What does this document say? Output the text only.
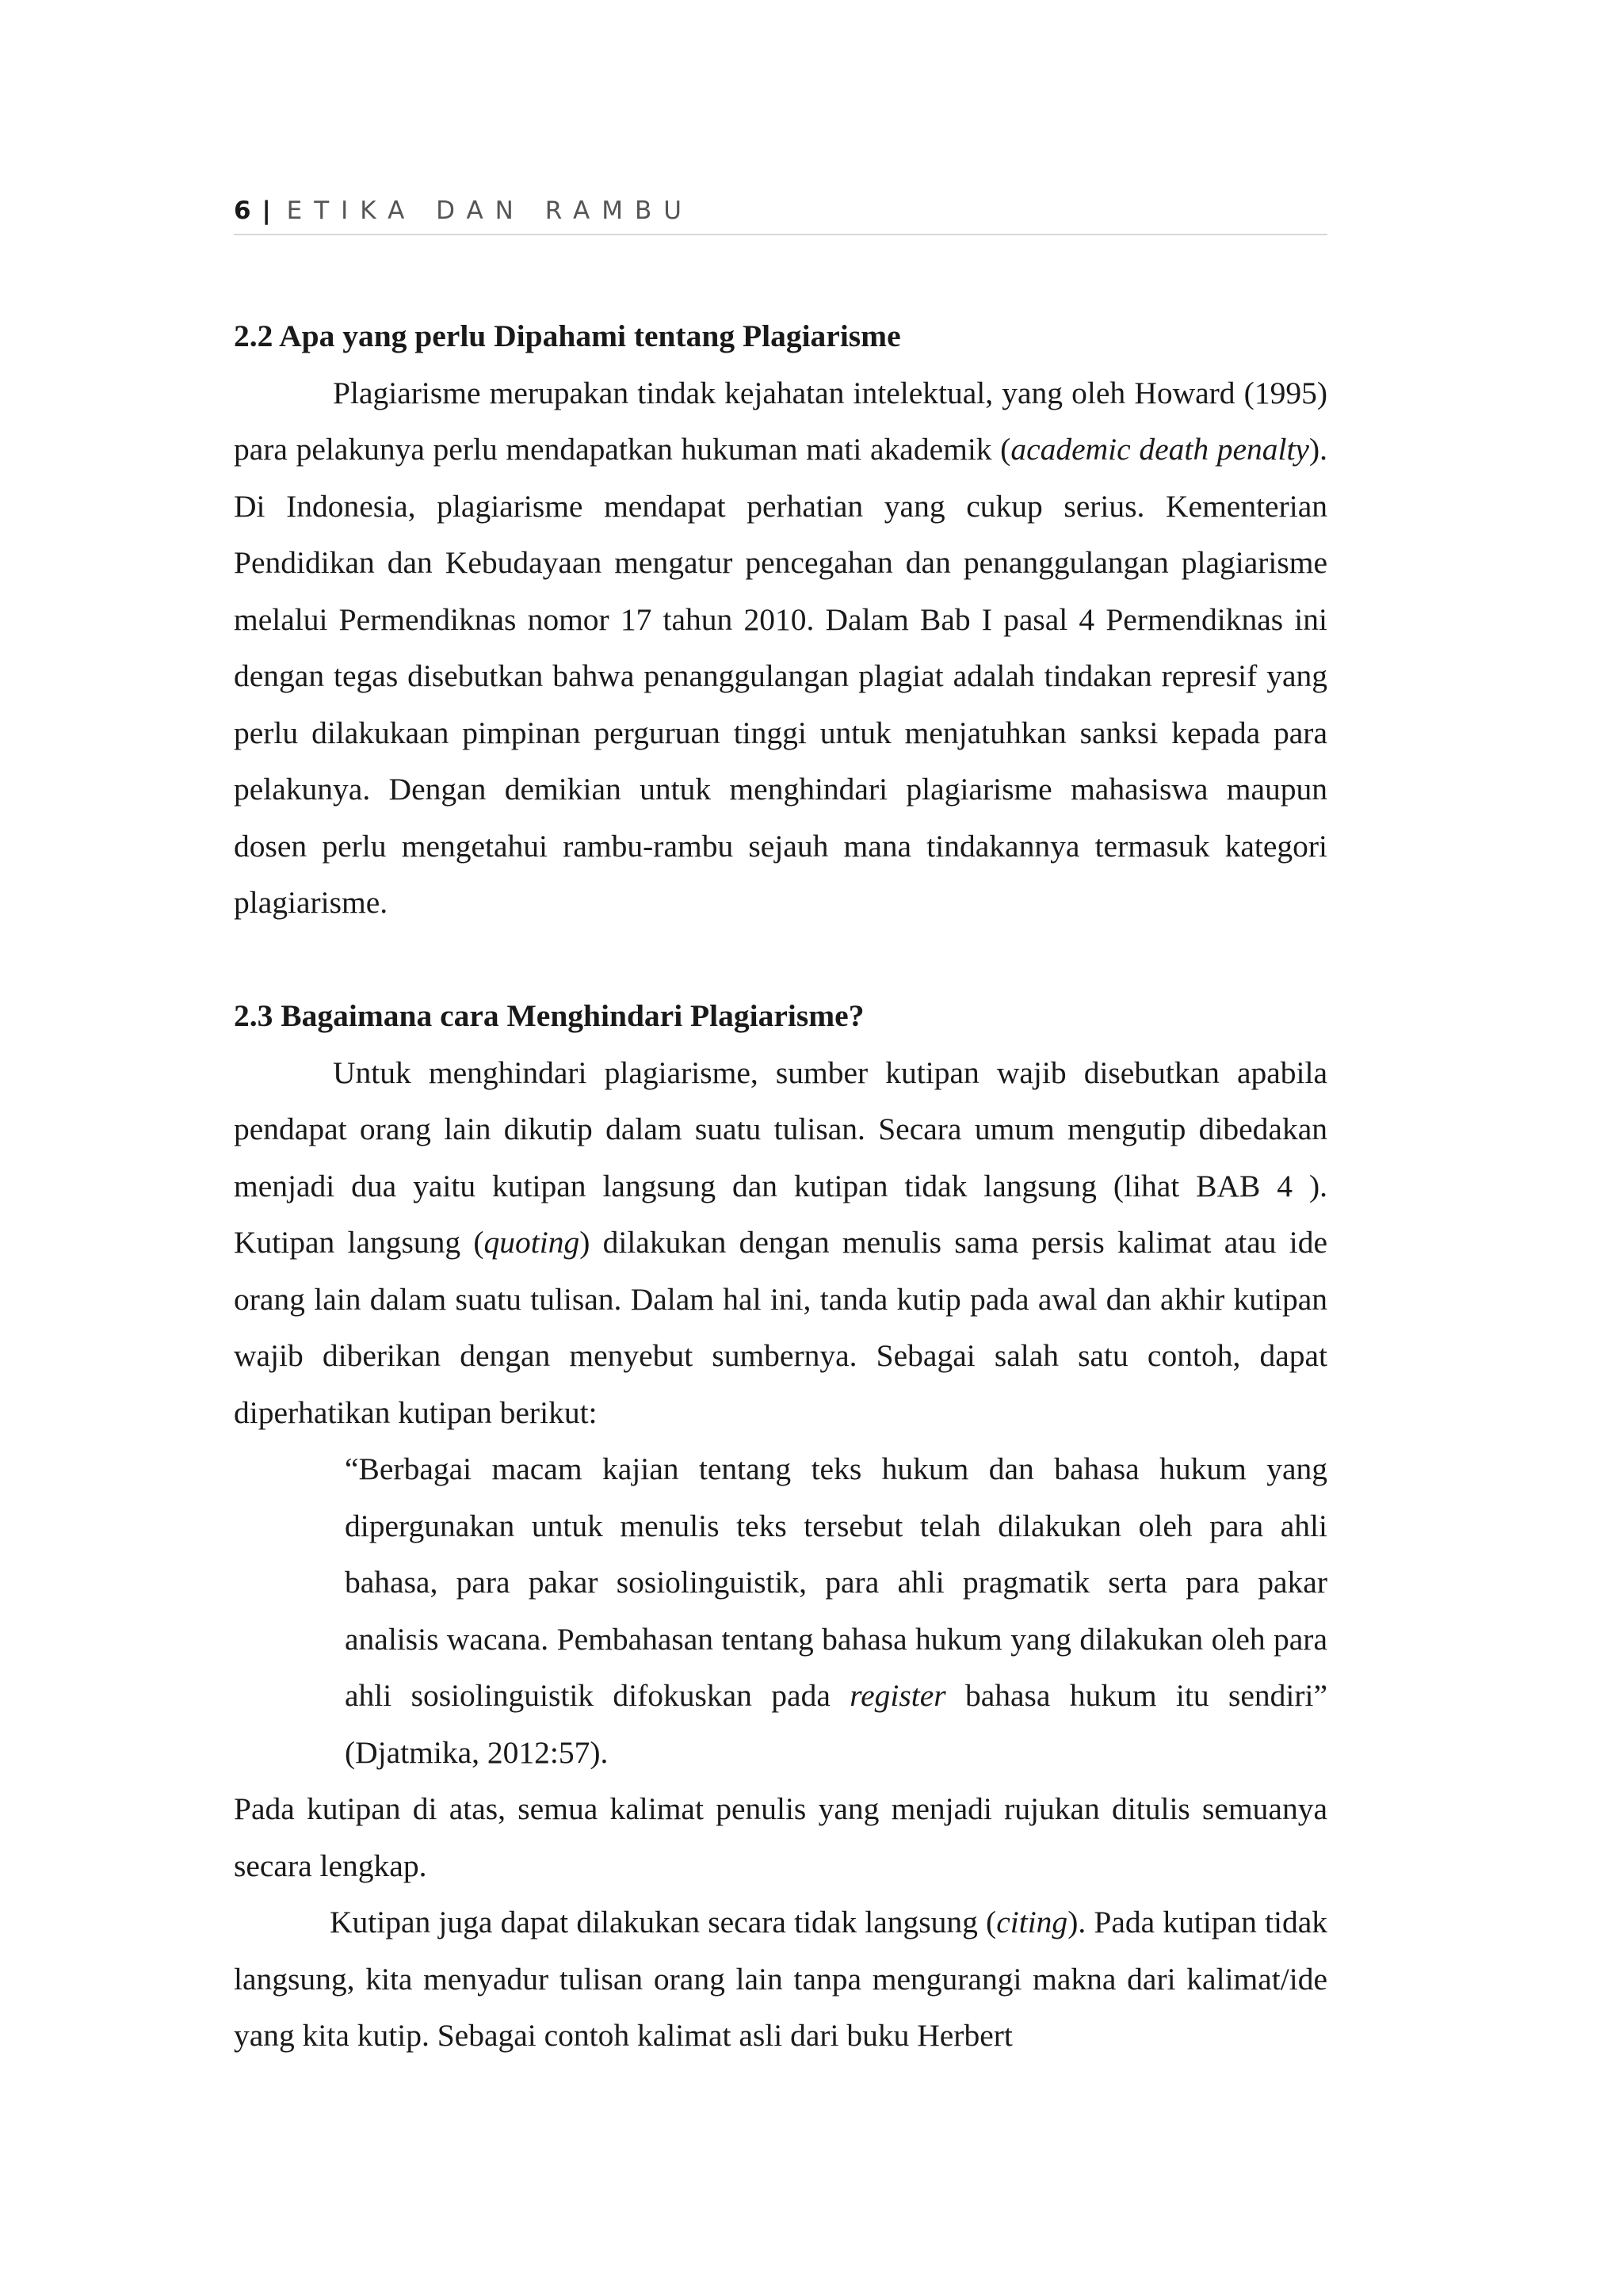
6 | ETIKA DAN RAMBU
2.2 Apa yang perlu Dipahami tentang Plagiarisme

Plagiarisme merupakan tindak kejahatan intelektual, yang oleh Howard (1995) para pelakunya perlu mendapatkan hukuman mati akademik (academic death penalty). Di Indonesia, plagiarisme mendapat perhatian yang cukup serius. Kementerian Pendidikan dan Kebudayaan mengatur pencegahan dan penanggulangan plagiarisme melalui Permendiknas nomor 17 tahun 2010. Dalam Bab I pasal 4 Permendiknas ini dengan tegas disebutkan bahwa penanggulangan plagiat adalah tindakan represif yang perlu dilakukaan pimpinan perguruan tinggi untuk menjatuhkan sanksi kepada para pelakunya. Dengan demikian untuk menghindari plagiarisme mahasiswa maupun dosen perlu mengetahui rambu-rambu sejauh mana tindakannya termasuk kategori plagiarisme.

2.3 Bagaimana cara Menghindari Plagiarisme?

Untuk menghindari plagiarisme, sumber kutipan wajib disebutkan apabila pendapat orang lain dikutip dalam suatu tulisan. Secara umum mengutip dibedakan menjadi dua yaitu kutipan langsung dan kutipan tidak langsung (lihat BAB 4 ). Kutipan langsung (quoting) dilakukan dengan menulis sama persis kalimat atau ide orang lain dalam suatu tulisan. Dalam hal ini, tanda kutip pada awal dan akhir kutipan wajib diberikan dengan menyebut sumbernya. Sebagai salah satu contoh, dapat diperhatikan kutipan berikut:

“Berbagai macam kajian tentang teks hukum dan bahasa hukum yang dipergunakan untuk menulis teks tersebut telah dilakukan oleh para ahli bahasa, para pakar sosiolinguistik, para ahli pragmatik serta para pakar analisis wacana. Pembahasan tentang bahasa hukum yang dilakukan oleh para ahli sosiolinguistik difokuskan pada register bahasa hukum itu sendiri” (Djatmika, 2012:57).

Pada kutipan di atas, semua kalimat penulis yang menjadi rujukan ditulis semuanya secara lengkap.

Kutipan juga dapat dilakukan secara tidak langsung (citing). Pada kutipan tidak langsung, kita menyadur tulisan orang lain tanpa mengurangi makna dari kalimat/ide yang kita kutip. Sebagai contoh kalimat asli dari buku Herbert
